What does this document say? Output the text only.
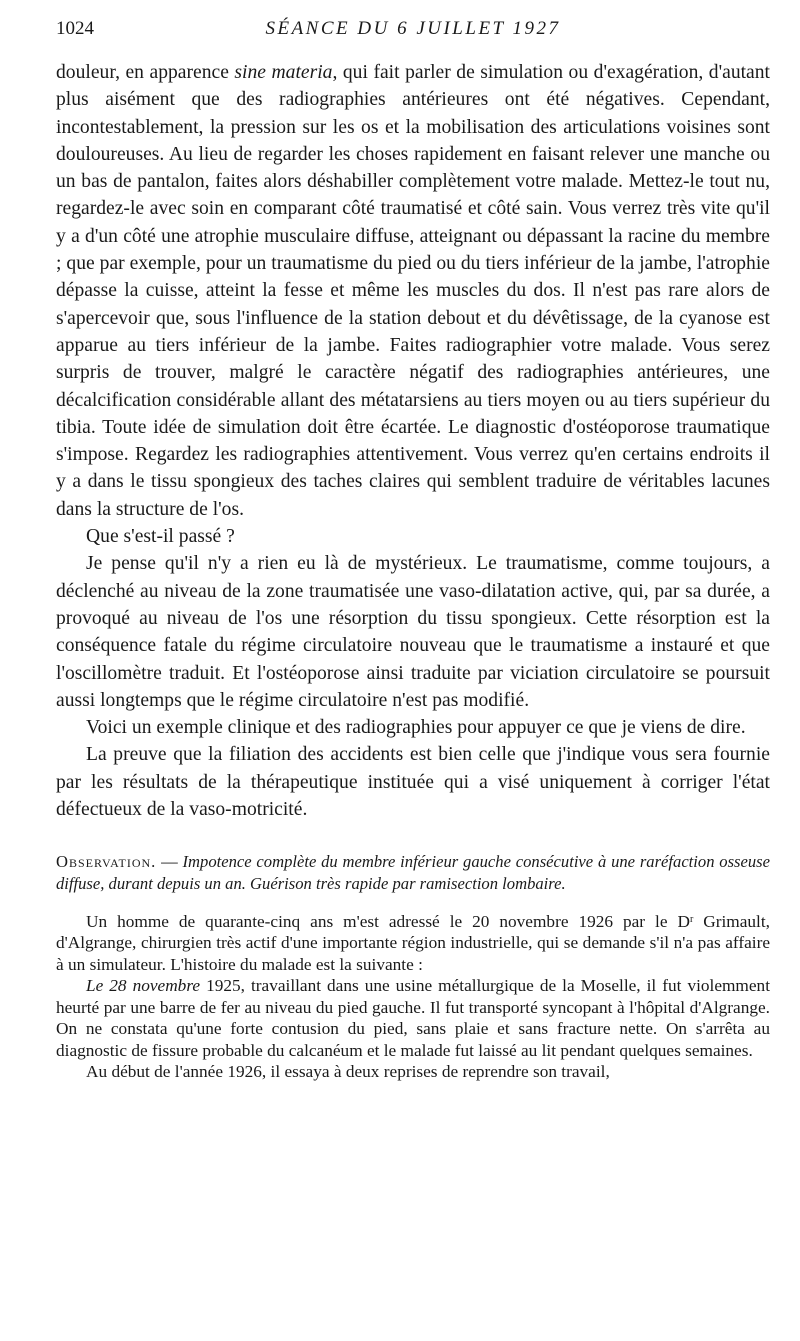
1024	SÉANCE DU 6 JUILLET 1927

douleur, en apparence sine materia, qui fait parler de simulation ou d'exagération, d'autant plus aisément que des radiographies antérieures ont été négatives. Cependant, incontestablement, la pression sur les os et la mobilisation des articulations voisines sont douloureuses. Au lieu de regarder les choses rapidement en faisant relever une manche ou un bas de pantalon, faites alors déshabiller complètement votre malade. Mettez-le tout nu, regardez-le avec soin en comparant côté traumatisé et côté sain. Vous verrez très vite qu'il y a d'un côté une atrophie musculaire diffuse, atteignant ou dépassant la racine du membre ; que par exemple, pour un traumatisme du pied ou du tiers inférieur de la jambe, l'atrophie dépasse la cuisse, atteint la fesse et même les muscles du dos. Il n'est pas rare alors de s'apercevoir que, sous l'influence de la station debout et du dévêtissage, de la cyanose est apparue au tiers inférieur de la jambe. Faites radiographier votre malade. Vous serez surpris de trouver, malgré le caractère négatif des radiographies antérieures, une décalcification considérable allant des métatarsiens au tiers moyen ou au tiers supérieur du tibia. Toute idée de simulation doit être écartée. Le diagnostic d'ostéoporose traumatique s'impose. Regardez les radiographies attentivement. Vous verrez qu'en certains endroits il y a dans le tissu spongieux des taches claires qui semblent traduire de véritables lacunes dans la structure de l'os.

Que s'est-il passé ?

Je pense qu'il n'y a rien eu là de mystérieux. Le traumatisme, comme toujours, a déclenché au niveau de la zone traumatisée une vaso-dilatation active, qui, par sa durée, a provoqué au niveau de l'os une résorption du tissu spongieux. Cette résorption est la conséquence fatale du régime circulatoire nouveau que le traumatisme a instauré et que l'oscillomètre traduit. Et l'ostéoporose ainsi traduite par viciation circulatoire se poursuit aussi longtemps que le régime circulatoire n'est pas modifié.

Voici un exemple clinique et des radiographies pour appuyer ce que je viens de dire.

La preuve que la filiation des accidents est bien celle que j'indique vous sera fournie par les résultats de la thérapeutique instituée qui a visé uniquement à corriger l'état défectueux de la vaso-motricité.

Observation. — Impotence complète du membre inférieur gauche consécutive à une raréfaction osseuse diffuse, durant depuis un an. Guérison très rapide par ramisection lombaire.

Un homme de quarante-cinq ans m'est adressé le 20 novembre 1926 par le $D^r$ Grimault, d'Algrange, chirurgien très actif d'une importante région industrielle, qui se demande s'il n'a pas affaire à un simulateur. L'histoire du malade est la suivante :

Le 28 novembre 1925, travaillant dans une usine métallurgique de la Moselle, il fut violemment heurté par une barre de fer au niveau du pied gauche. Il fut transporté syncopant à l'hôpital d'Algrange. On ne constata qu'une forte contusion du pied, sans plaie et sans fracture nette. On s'arrêta au diagnostic de fissure probable du calcanéum et le malade fut laissé au lit pendant quelques semaines.

Au début de l'année 1926, il essaya à deux reprises de reprendre son travail,
